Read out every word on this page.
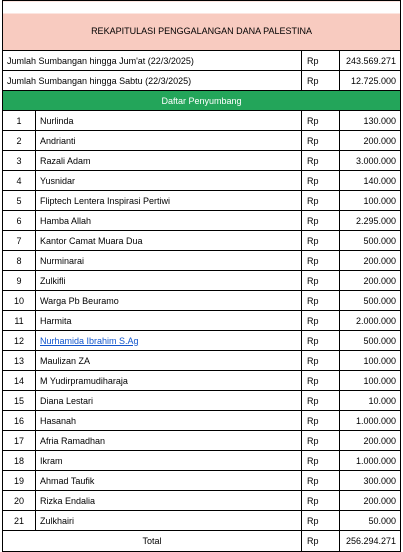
REKAPITULASI PENGGALANGAN DANA PALESTINA			
Jumlah Sumbangan hingga Jum'at (22/3/2025)		Rp	243.569.271
Jumlah Sumbangan hingga Sabtu (22/3/2025)		Rp	12.725.000
Daftar Penyumbang			
1	Nurlinda	Rp	130.000
2	Andrianti	Rp	200.000
3	Razali Adam	Rp	3.000.000
4	Yusnidar	Rp	140.000
5	Fliptech Lentera Inspirasi Pertiwi	Rp	100.000
6	Hamba Allah	Rp	2.295.000
7	Kantor Camat Muara Dua	Rp	500.000
8	Nurminarai	Rp	200.000
9	Zulkifli	Rp	200.000
10	Warga Pb Beuramo	Rp	500.000
11	Harmita	Rp	2.000.000
12	Nurhamida Ibrahim S.Ag	Rp	500.000
13	Maulizan ZA	Rp	100.000
14	M Yudirpramudiharaja	Rp	100.000
15	Diana Lestari	Rp	10.000
16	Hasanah	Rp	1.000.000
17	Afria Ramadhan	Rp	200.000
18	Ikram	Rp	1.000.000
19	Ahmad Taufik	Rp	300.000
20	Rizka Endalia	Rp	200.000
21	Zulkhairi	Rp	50.000
Total		Rp	256.294.271
